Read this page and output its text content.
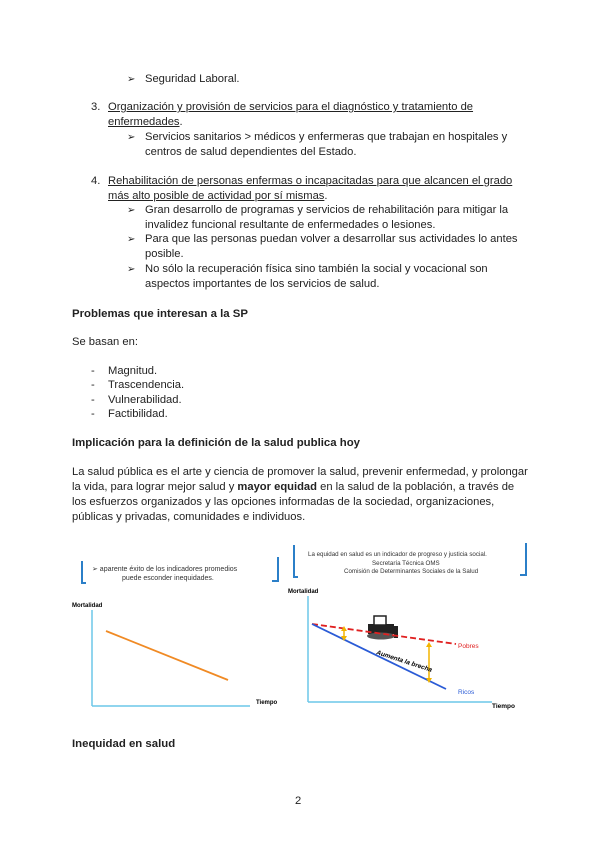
➢ Seguridad Laboral.
3. Organización y provisión de servicios para el diagnóstico y tratamiento de
enfermedades.
➢ Servicios sanitarios > médicos y enfermeras que trabajan en hospitales y
centros de salud dependientes del Estado.
4. Rehabilitación de personas enfermas o incapacitadas para que alcancen el grado
más alto posible de actividad por sí mismas.
➢ Gran desarrollo de programas y servicios de rehabilitación para mitigar la
invalidez funcional resultante de enfermedades o lesiones.
➢ Para que las personas puedan volver a desarrollar sus actividades lo antes
posible.
➢ No sólo la recuperación física sino también la social y vocacional son
aspectos importantes de los servicios de salud.
Problemas que interesan a la SP
Se basan en:
- Magnitud.
- Trascendencia.
- Vulnerabilidad.
- Factibilidad.
Implicación para la definición de la salud publica hoy
La salud pública es el arte y ciencia de promover la salud, prevenir enfermedad, y prolongar
la vida, para lograr mejor salud y mayor equidad en la salud de la población, a través de
los esfuerzos organizados y las opciones informadas de la sociedad, organizaciones,
públicas y privadas, comunidades e individuos.
➢ aparente éxito de los indicadores promedios
puede esconder inequidades.
Mortalidad
Tiempo
La equidad en salud es un indicador de progreso y justicia social.
Secretaría Técnica OMS
Comisión de Determinantes Sociales de la Salud
Mortalidad
Aumenta la brecha
Pobres
Ricos
Tiempo
Inequidad en salud
2
